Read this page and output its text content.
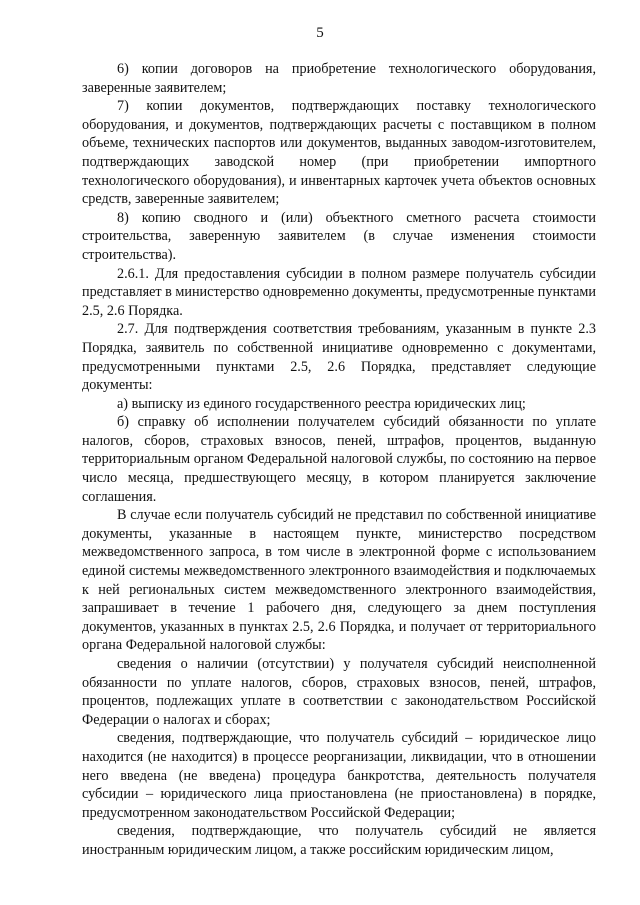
5

6) копии договоров на приобретение технологического оборудования, заверенные заявителем;

7) копии документов, подтверждающих поставку технологического оборудования, и документов, подтверждающих расчеты с поставщиком в полном объеме, технических паспортов или документов, выданных заводом-изготовителем, подтверждающих заводской номер (при приобретении импортного технологического оборудования), и инвентарных карточек учета объектов основных средств, заверенные заявителем;

8) копию сводного и (или) объектного сметного расчета стоимости строительства, заверенную заявителем (в случае изменения стоимости строительства).

2.6.1. Для предоставления субсидии в полном размере получатель субсидии представляет в министерство одновременно документы, предусмотренные пунктами 2.5, 2.6 Порядка.

2.7. Для подтверждения соответствия требованиям, указанным в пункте 2.3 Порядка, заявитель по собственной инициативе одновременно с документами, предусмотренными пунктами 2.5, 2.6 Порядка, представляет следующие документы:

а) выписку из единого государственного реестра юридических лиц;

б) справку об исполнении получателем субсидий обязанности по уплате налогов, сборов, страховых взносов, пеней, штрафов, процентов, выданную территориальным органом Федеральной налоговой службы, по состоянию на первое число месяца, предшествующего месяцу, в котором планируется заключение соглашения.

В случае если получатель субсидий не представил по собственной инициативе документы, указанные в настоящем пункте, министерство посредством межведомственного запроса, в том числе в электронной форме с использованием единой системы межведомственного электронного взаимодействия и подключаемых к ней региональных систем межведомственного электронного взаимодействия, запрашивает в течение 1 рабочего дня, следующего за днем поступления документов, указанных в пунктах 2.5, 2.6 Порядка, и получает от территориального органа Федеральной налоговой службы:

сведения о наличии (отсутствии) у получателя субсидий неисполненной обязанности по уплате налогов, сборов, страховых взносов, пеней, штрафов, процентов, подлежащих уплате в соответствии с законодательством Российской Федерации о налогах и сборах;

сведения, подтверждающие, что получатель субсидий – юридическое лицо находится (не находится) в процессе реорганизации, ликвидации, что в отношении него введена (не введена) процедура банкротства, деятельность получателя субсидии – юридического лица приостановлена (не приостановлена) в порядке, предусмотренном законодательством Российской Федерации;

сведения, подтверждающие, что получатель субсидий не является иностранным юридическим лицом, а также российским юридическим лицом,
